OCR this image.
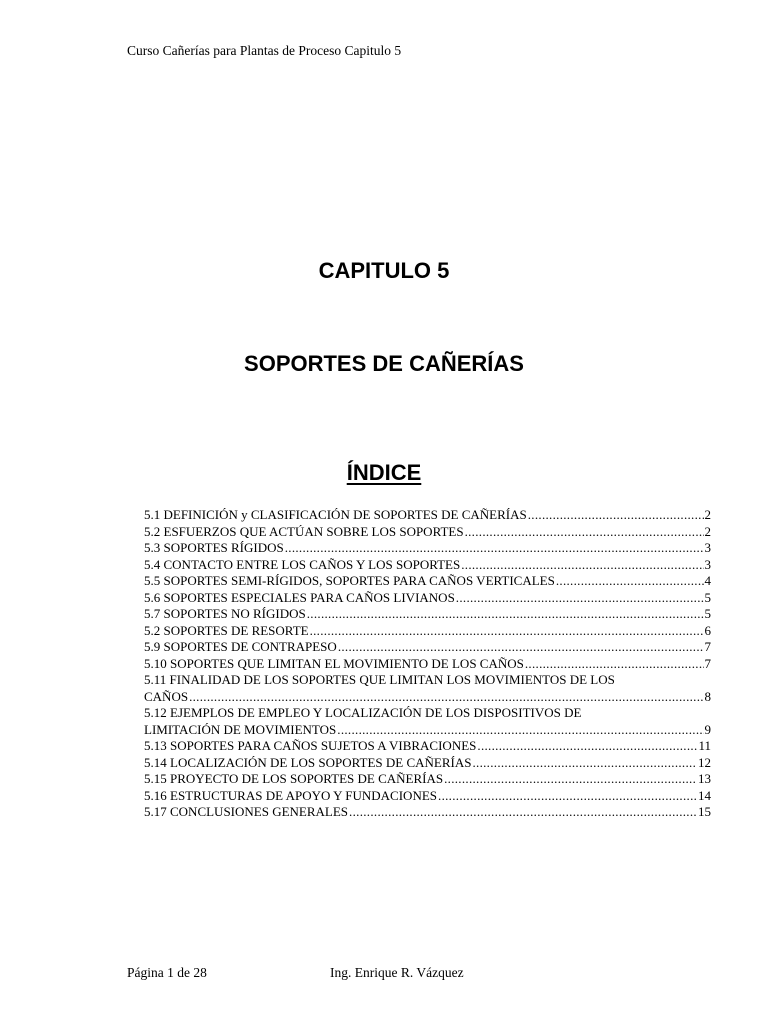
Curso Cañerías para Plantas de Proceso Capitulo 5
CAPITULO 5
SOPORTES DE CAÑERÍAS
ÍNDICE
5.1 DEFINICIÓN y CLASIFICACIÓN DE SOPORTES DE CAÑERÍAS .....	2
5.2 ESFUERZOS QUE ACTÚAN SOBRE LOS SOPORTES .....	2
5.3 SOPORTES RÍGIDOS .....	3
5.4 CONTACTO ENTRE LOS CAÑOS Y LOS SOPORTES .....	3
5.5 SOPORTES SEMI-RÍGIDOS, SOPORTES PARA CAÑOS VERTICALES .....	4
5.6 SOPORTES ESPECIALES PARA CAÑOS LIVIANOS .....	5
5.7 SOPORTES NO RÍGIDOS .....	5
5.2 SOPORTES DE RESORTE .....	6
5.9 SOPORTES DE CONTRAPESO .....	7
5.10 SOPORTES QUE LIMITAN EL MOVIMIENTO DE LOS CAÑOS .....	7
5.11 FINALIDAD DE LOS SOPORTES QUE LIMITAN LOS MOVIMIENTOS DE LOS
CAÑOS .....	8
5.12 EJEMPLOS DE EMPLEO Y LOCALIZACIÓN DE LOS DISPOSITIVOS DE
LIMITACIÓN DE MOVIMIENTOS .....	9
5.13 SOPORTES PARA CAÑOS SUJETOS A VIBRACIONES .....	11
5.14 LOCALIZACIÓN DE LOS SOPORTES DE CAÑERÍAS .....	12
5.15 PROYECTO DE LOS SOPORTES DE CAÑERÍAS .....	13
5.16 ESTRUCTURAS DE APOYO Y FUNDACIONES .....	14
5.17 CONCLUSIONES GENERALES .....	15
Página 1 de 28	Ing. Enrique R. Vázquez
